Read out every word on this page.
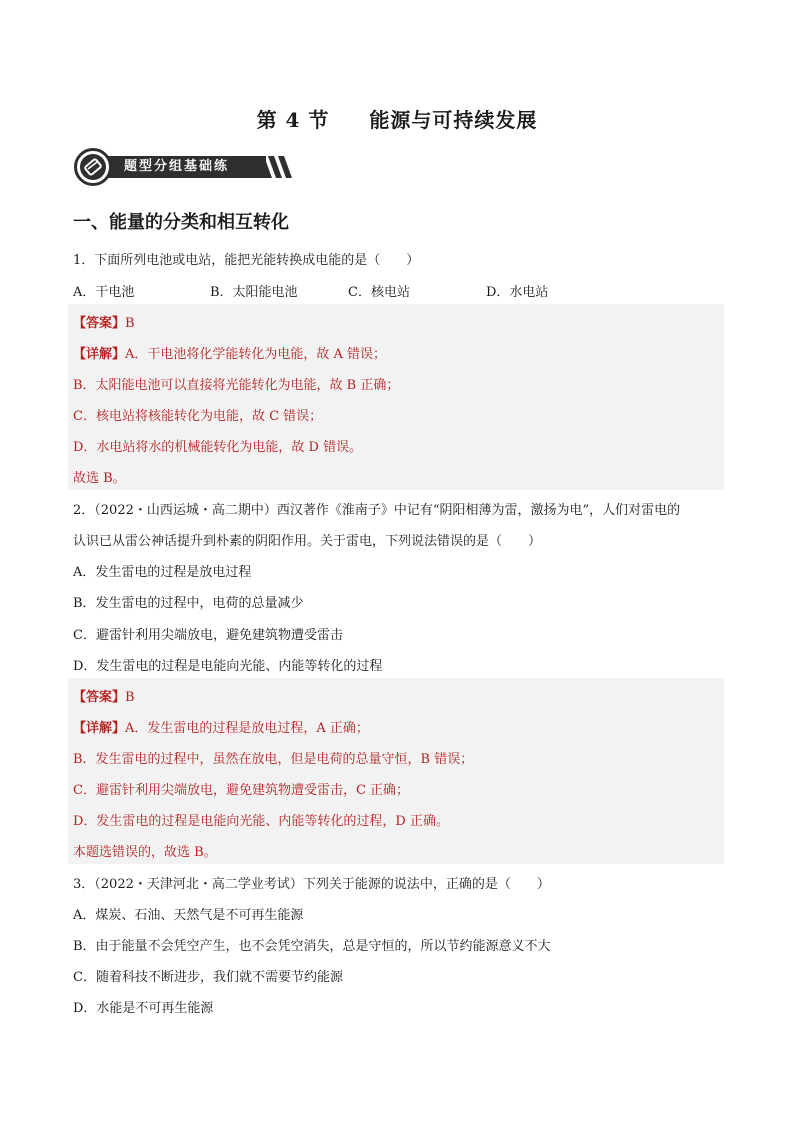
第 4 节 能源与可持续发展
题型分组基础练
一、能量的分类和相互转化
1．下面所列电池或电站，能把光能转换成电能的是（　　）
A．干电池	B．太阳能电池	C．核电站	D．水电站
【答案】B
【详解】A．干电池将化学能转化为电能，故 A 错误；
B．太阳能电池可以直接将光能转化为电能，故 B 正确；
C．核电站将核能转化为电能，故 C 错误；
D．水电站将水的机械能转化为电能，故 D 错误。
故选 B。
2．（2022・山西运城・高二期中）西汉著作《淮南子》中记有“阴阳相薄为雷，激扬为电”，人们对雷电的
认识已从雷公神话提升到朴素的阴阳作用。关于雷电，下列说法错误的是（　　）
A．发生雷电的过程是放电过程
B．发生雷电的过程中，电荷的总量减少
C．避雷针利用尖端放电，避免建筑物遭受雷击
D．发生雷电的过程是电能向光能、内能等转化的过程
【答案】B
【详解】A．发生雷电的过程是放电过程，A 正确；
B．发生雷电的过程中，虽然在放电，但是电荷的总量守恒，B 错误；
C．避雷针利用尖端放电，避免建筑物遭受雷击，C 正确；
D．发生雷电的过程是电能向光能、内能等转化的过程，D 正确。
本题选错误的，故选 B。
3．（2022・天津河北・高二学业考试）下列关于能源的说法中，正确的是（　　）
A．煤炭、石油、天然气是不可再生能源
B．由于能量不会凭空产生，也不会凭空消失，总是守恒的，所以节约能源意义不大
C．随着科技不断进步，我们就不需要节约能源
D．水能是不可再生能源
